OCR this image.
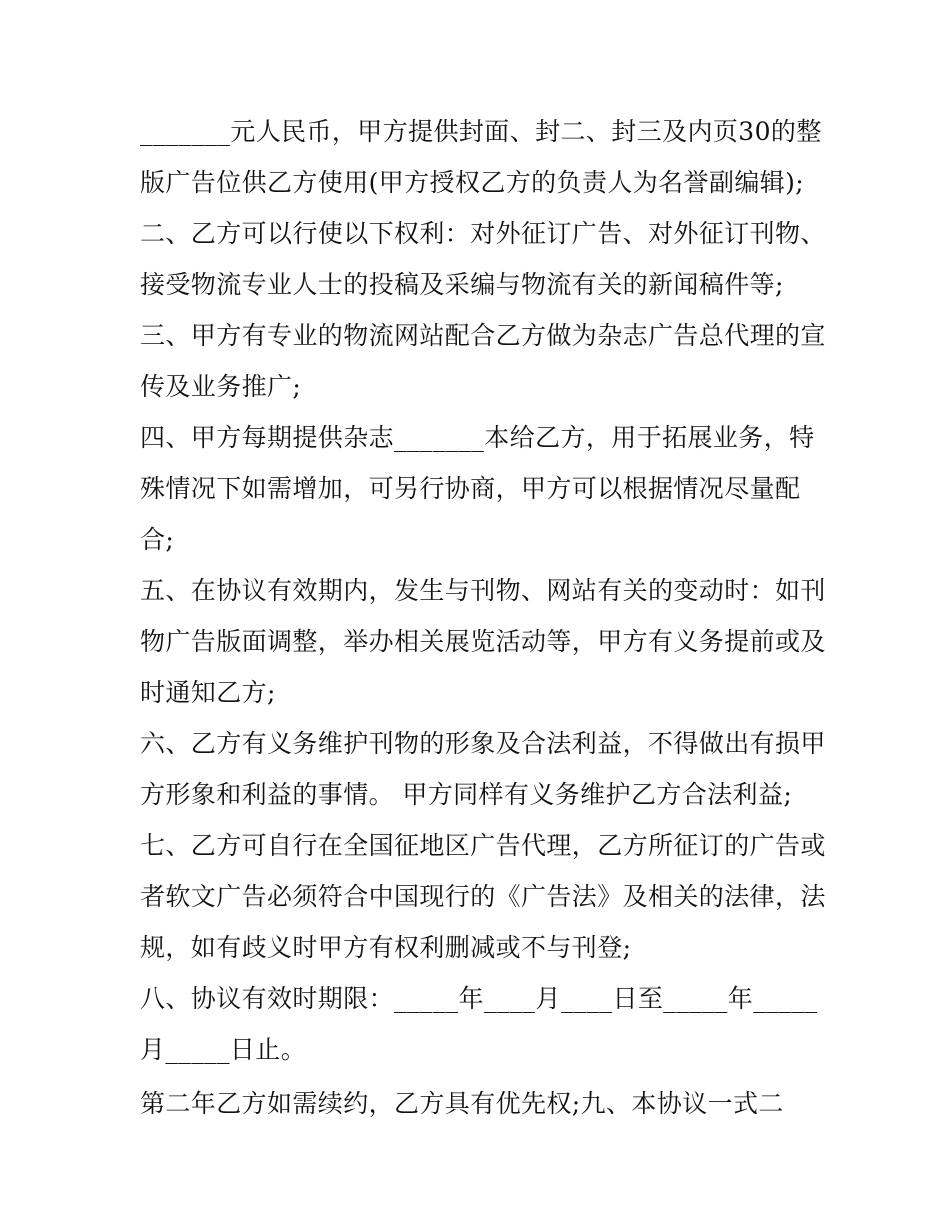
_______元人民币，甲方提供封面、封二、封三及内页30的整
版广告位供乙方使用(甲方授权乙方的负责人为名誉副编辑);
二、乙方可以行使以下权利：对外征订广告、对外征订刊物、
接受物流专业人士的投稿及采编与物流有关的新闻稿件等;
三、甲方有专业的物流网站配合乙方做为杂志广告总代理的宣
传及业务推广;
四、甲方每期提供杂志_______本给乙方，用于拓展业务，特
殊情况下如需增加，可另行协商，甲方可以根据情况尽量配
合;
五、在协议有效期内，发生与刊物、网站有关的变动时：如刊
物广告版面调整，举办相关展览活动等，甲方有义务提前或及
时通知乙方;
六、乙方有义务维护刊物的形象及合法利益，不得做出有损甲
方形象和利益的事情。 甲方同样有义务维护乙方合法利益;
七、乙方可自行在全国征地区广告代理，乙方所征订的广告或
者软文广告必须符合中国现行的《广告法》及相关的法律，法
规，如有歧义时甲方有权利删减或不与刊登;
八、协议有效时期限：_____年____月____日至_____年_____
月_____日止。
第二年乙方如需续约，乙方具有优先权;九、本协议一式二
